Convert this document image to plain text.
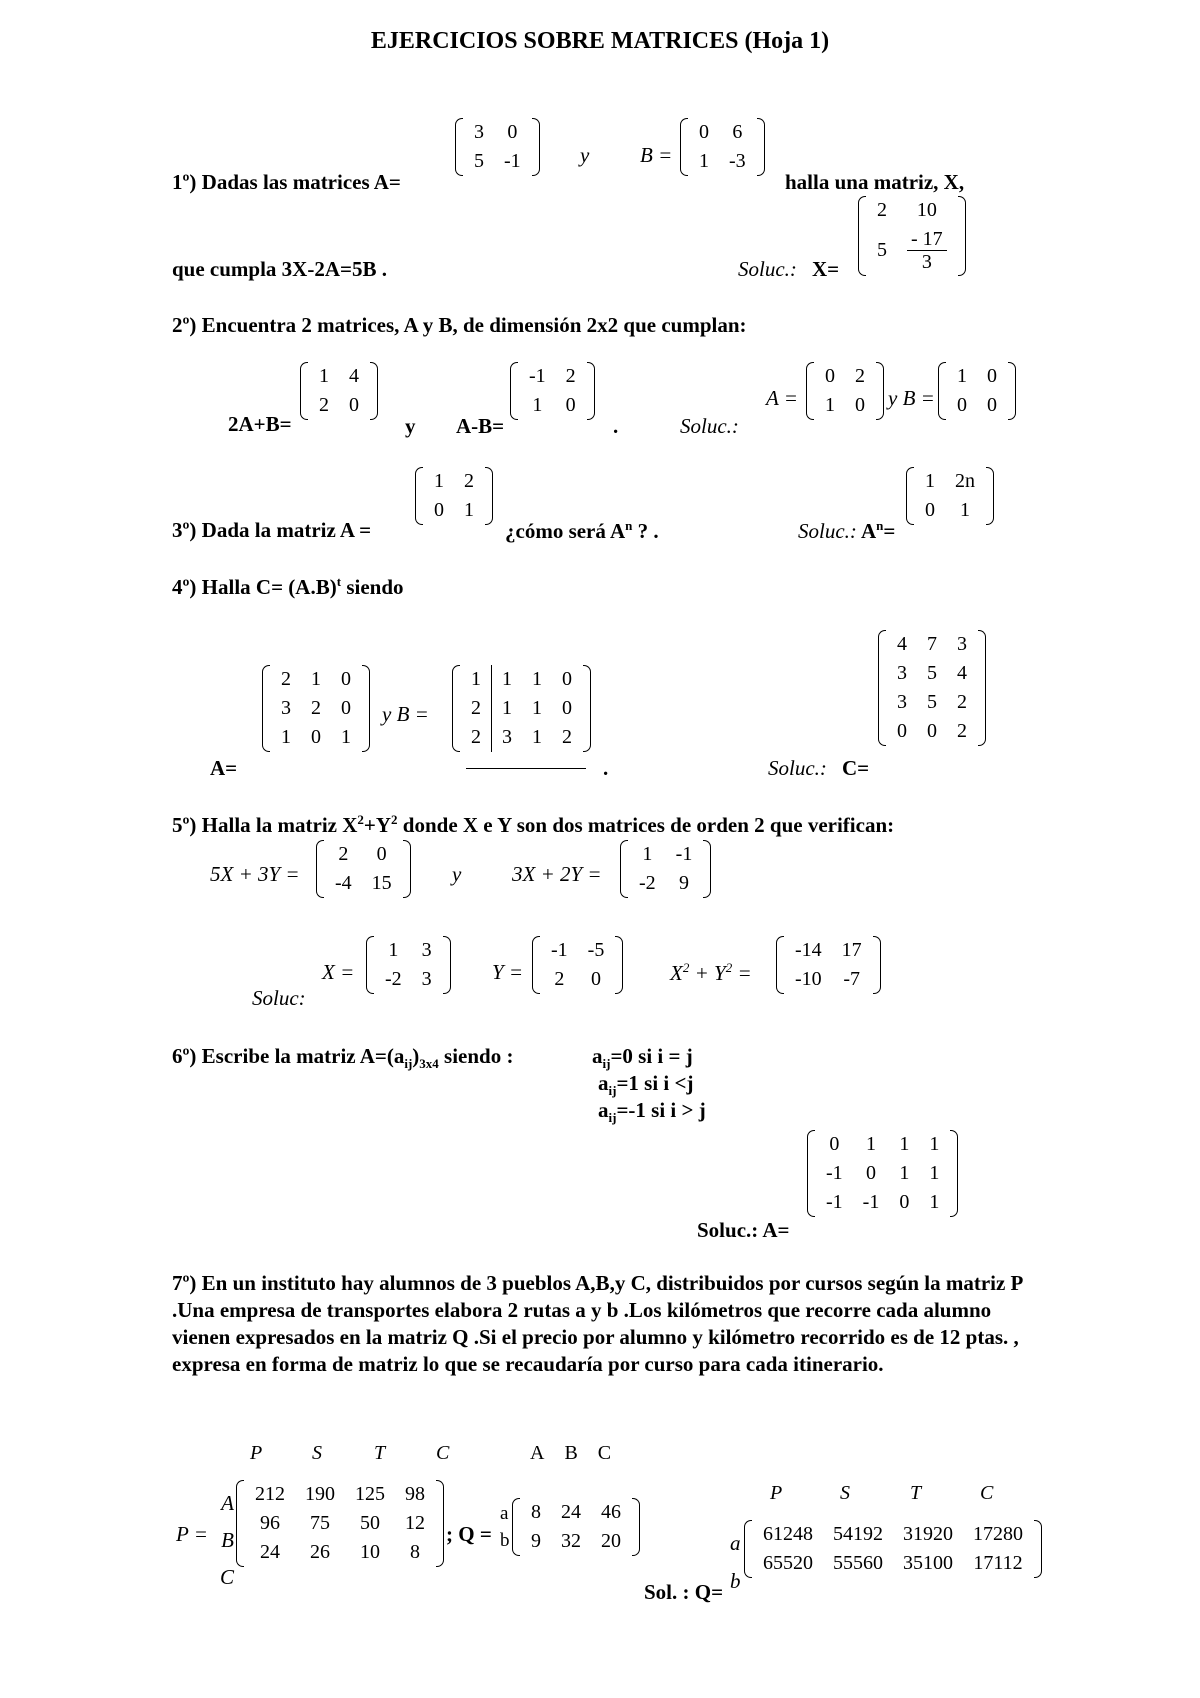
EJERCICIOS SOBRE MATRICES (Hoja 1)
1º) Dadas las matrices A=
3	0
5	-1	y B =
0	6
1	-3
halla una matriz, X,
que cumpla 3X-2A=5B .	Soluc.: X=
2	10
5	$\frac{- 17}{3}$
2º) Encuentra 2 matrices, A y B, de dimensión 2x2 que cumplan:
2A+B=
1	4
2	0
y A-B=
-1	2
1	0
.	Soluc.:
A =
0	2
1	0 y B =
1	0
0	0
3º) Dada la matriz A =
1	2
0	1
¿cómo será $A^n$ ? .	Soluc.: $A^n=$
1	2n
0	1
4º) Halla $C= (A.B)^t$ siendo
A=
2	1	0
3	2	0
1	0	1
y B =
1	1	1	0
2	1	1	0
2	3	1	2
.	Soluc.: C=
4	7	3
3	5	4
3	5	2
0	0	2
5º) Halla la matriz $X^2+Y^2$ donde X e Y son dos matrices de orden 2 que verifican:
5X + 3Y =
2	0
-4	15	y 3X + 2Y =
1	-1
-2	9
Soluc:
X =
1	3
-2	3	Y =
-1	-5
2	0	$X^2 + Y^2$ =
-14	17
-10	-7
6º) Escribe la matriz $A=(a_{ij})_{3x4}$ siendo :	$a_{ij}=0$ si i = j
$a_{ij}=1$ si i <j
$a_{ij}=-1$ si i > j
Soluc.: A=
0	1	1	1
-1	0	1	1
-1	-1	0	1
7º) En un instituto hay alumnos de 3 pueblos A,B,y C, distribuidos por cursos según la matriz P .Una empresa de transportes elabora 2 rutas a y b .Los kilómetros que recorre cada alumno vienen expresados en la matriz Q .Si el precio por alumno y kilómetro recorrido es de 12 ptas. , expresa en forma de matriz lo que se recaudaría por curso para cada itinerario.
P	S	T	C
A
B
C
P =
212	190	125	98
96	75	50	12
24	26	10	8
; Q =
A	B	C
a
b
8	24	46
9	32	20
P	S	T	C
a
b
61248	54192	31920	17280
65520	55560	35100	17112
Sol. : Q=
